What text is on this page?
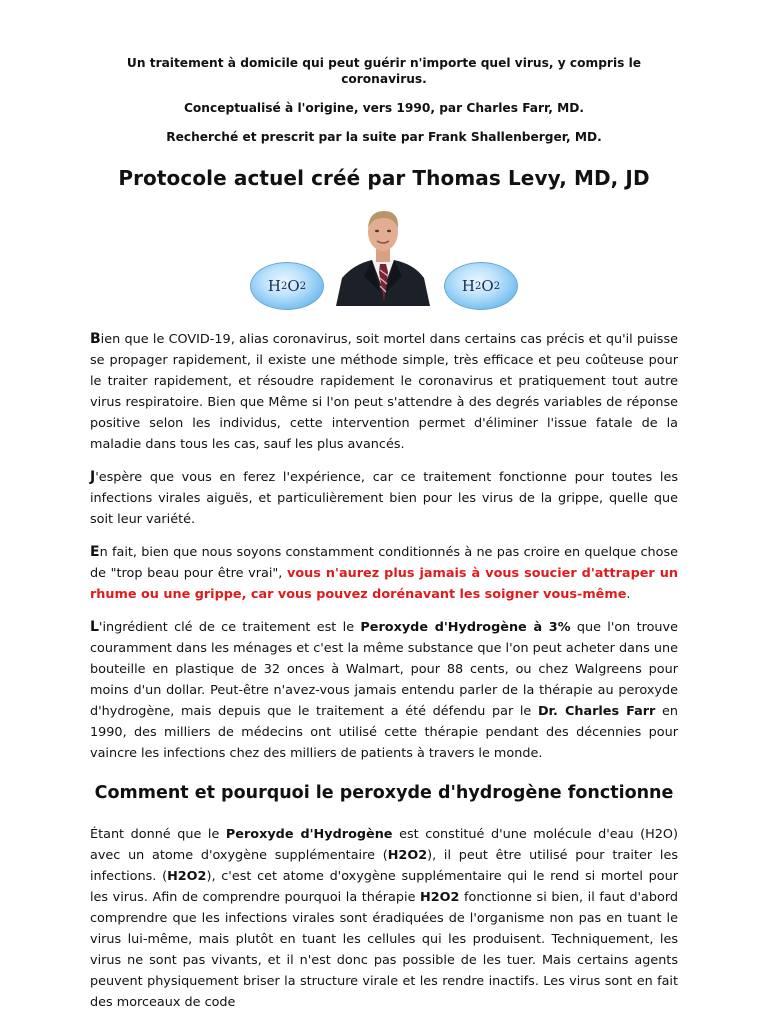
Un traitement à domicile qui peut guérir n'importe quel virus, y compris le coronavirus.

Conceptualisé à l'origine, vers 1990, par Charles Farr, MD.

Recherché et prescrit par la suite par Frank Shallenberger, MD.

Protocole actuel créé par Thomas Levy, MD, JD
H 2 O 2	H 2 O 2

Bien que le COVID-19, alias coronavirus, soit mortel dans certains cas précis et qu'il puisse se propager rapidement, il existe une méthode simple, très efficace et peu coûteuse pour le traiter rapidement, et résoudre rapidement le coronavirus et pratiquement tout autre virus respiratoire. Bien que Même si l'on peut s'attendre à des degrés variables de réponse positive selon les individus, cette intervention permet d'éliminer l'issue fatale de la maladie dans tous les cas, sauf les plus avancés.

J'espère que vous en ferez l'expérience, car ce traitement fonctionne pour toutes les infections virales aiguës, et particulièrement bien pour les virus de la grippe, quelle que soit leur variété.

En fait, bien que nous soyons constamment conditionnés à ne pas croire en quelque chose de "trop beau pour être vrai", vous n'aurez plus jamais à vous soucier d'attraper un rhume ou une grippe, car vous pouvez dorénavant les soigner vous-même.

L'ingrédient clé de ce traitement est le Peroxyde d'Hydrogène à 3% que l'on trouve couramment dans les ménages et c'est la même substance que l'on peut acheter dans une bouteille en plastique de 32 onces à Walmart, pour 88 cents, ou chez Walgreens pour moins d'un dollar. Peut-être n'avez-vous jamais entendu parler de la thérapie au peroxyde d'hydrogène, mais depuis que le traitement a été défendu par le Dr. Charles Farr en 1990, des milliers de médecins ont utilisé cette thérapie pendant des décennies pour vaincre les infections chez des milliers de patients à travers le monde.

Comment et pourquoi le peroxyde d'hydrogène fonctionne

Étant donné que le Peroxyde d'Hydrogène est constitué d'une molécule d'eau (H2O) avec un atome d'oxygène supplémentaire (H2O2), il peut être utilisé pour traiter les infections. (H2O2), c'est cet atome d'oxygène supplémentaire qui le rend si mortel pour les virus. Afin de comprendre pourquoi la thérapie H2O2 fonctionne si bien, il faut d'abord comprendre que les infections virales sont éradiquées de l'organisme non pas en tuant le virus lui-même, mais plutôt en tuant les cellules qui les produisent. Techniquement, les virus ne sont pas vivants, et il n'est donc pas possible de les tuer. Mais certains agents peuvent physiquement briser la structure virale et les rendre inactifs. Les virus sont en fait des morceaux de code
